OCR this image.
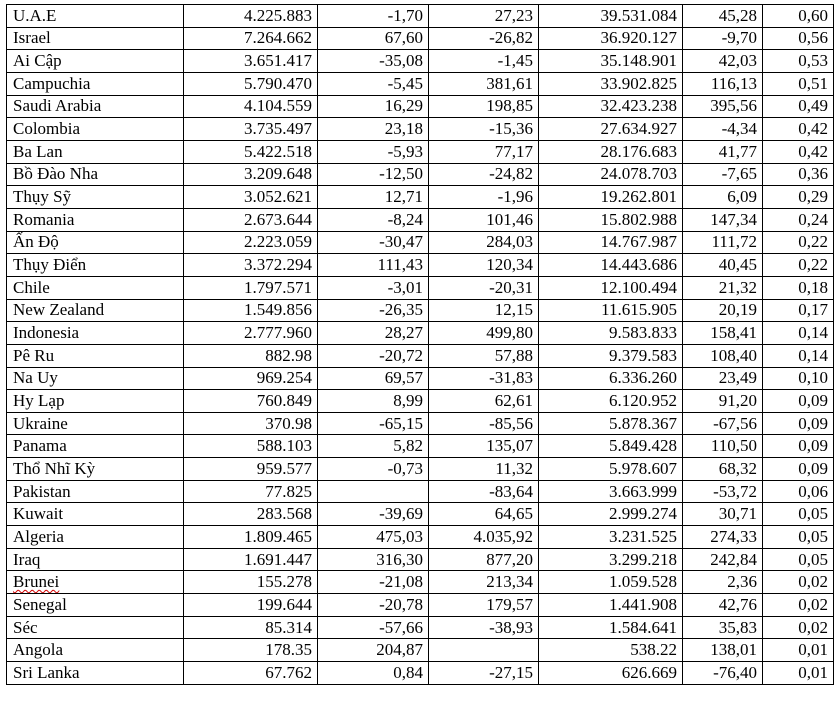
U.A.E	4.225.883	-1,70	27,23	39.531.084	45,28	0,60
Israel	7.264.662	67,60	-26,82	36.920.127	-9,70	0,56
Ai Cập	3.651.417	-35,08	-1,45	35.148.901	42,03	0,53
Campuchia	5.790.470	-5,45	381,61	33.902.825	116,13	0,51
Saudi Arabia	4.104.559	16,29	198,85	32.423.238	395,56	0,49
Colombia	3.735.497	23,18	-15,36	27.634.927	-4,34	0,42
Ba Lan	5.422.518	-5,93	77,17	28.176.683	41,77	0,42
Bồ Đào Nha	3.209.648	-12,50	-24,82	24.078.703	-7,65	0,36
Thụy Sỹ	3.052.621	12,71	-1,96	19.262.801	6,09	0,29
Romania	2.673.644	-8,24	101,46	15.802.988	147,34	0,24
Ấn Độ	2.223.059	-30,47	284,03	14.767.987	111,72	0,22
Thụy Điển	3.372.294	111,43	120,34	14.443.686	40,45	0,22
Chile	1.797.571	-3,01	-20,31	12.100.494	21,32	0,18
New Zealand	1.549.856	-26,35	12,15	11.615.905	20,19	0,17
Indonesia	2.777.960	28,27	499,80	9.583.833	158,41	0,14
Pê Ru	882.98	-20,72	57,88	9.379.583	108,40	0,14
Na Uy	969.254	69,57	-31,83	6.336.260	23,49	0,10
Hy Lạp	760.849	8,99	62,61	6.120.952	91,20	0,09
Ukraine	370.98	-65,15	-85,56	5.878.367	-67,56	0,09
Panama	588.103	5,82	135,07	5.849.428	110,50	0,09
Thổ Nhĩ Kỳ	959.577	-0,73	11,32	5.978.607	68,32	0,09
Pakistan	77.825		-83,64	3.663.999	-53,72	0,06
Kuwait	283.568	-39,69	64,65	2.999.274	30,71	0,05
Algeria	1.809.465	475,03	4.035,92	3.231.525	274,33	0,05
Iraq	1.691.447	316,30	877,20	3.299.218	242,84	0,05
Brunei	155.278	-21,08	213,34	1.059.528	2,36	0,02
Senegal	199.644	-20,78	179,57	1.441.908	42,76	0,02
Séc	85.314	-57,66	-38,93	1.584.641	35,83	0,02
Angola	178.35	204,87		538.22	138,01	0,01
Sri Lanka	67.762	0,84	-27,15	626.669	-76,40	0,01
